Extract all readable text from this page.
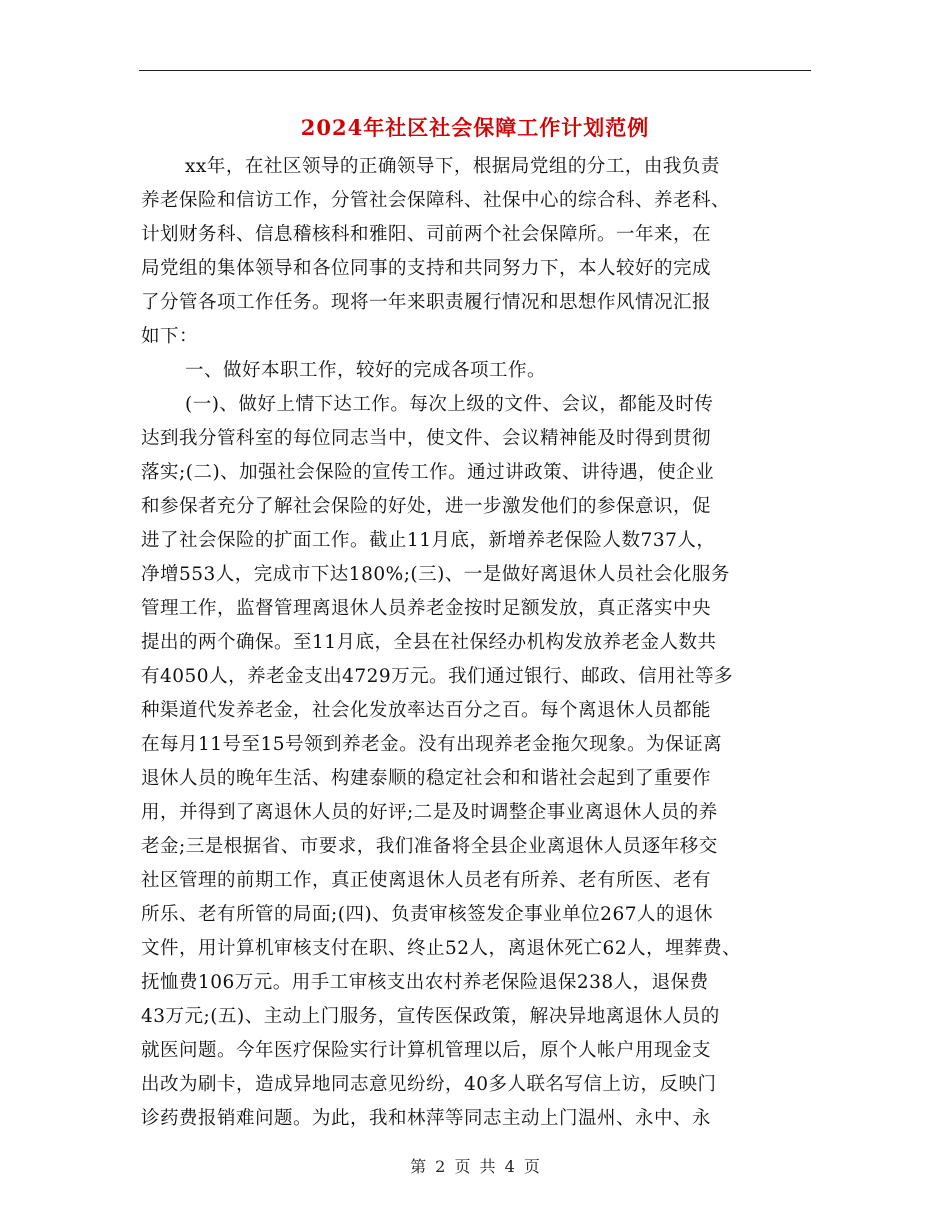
2024年社区社会保障工作计划范例
xx年，在社区领导的正确领导下，根据局党组的分工，由我负责
养老保险和信访工作，分管社会保障科、社保中心的综合科、养老科、
计划财务科、信息稽核科和雅阳、司前两个社会保障所。一年来，在
局党组的集体领导和各位同事的支持和共同努力下，本人较好的完成
了分管各项工作任务。现将一年来职责履行情况和思想作风情况汇报
如下：
一、做好本职工作，较好的完成各项工作。
(一)、做好上情下达工作。每次上级的文件、会议，都能及时传
达到我分管科室的每位同志当中，使文件、会议精神能及时得到贯彻
落实;(二)、加强社会保险的宣传工作。通过讲政策、讲待遇，使企业
和参保者充分了解社会保险的好处，进一步激发他们的参保意识，促
进了社会保险的扩面工作。截止11月底，新增养老保险人数737人，
净增553人，完成市下达180%;(三)、一是做好离退休人员社会化服务
管理工作，监督管理离退休人员养老金按时足额发放，真正落实中央
提出的两个确保。至11月底，全县在社保经办机构发放养老金人数共
有4050人，养老金支出4729万元。我们通过银行、邮政、信用社等多
种渠道代发养老金，社会化发放率达百分之百。每个离退休人员都能
在每月11号至15号领到养老金。没有出现养老金拖欠现象。为保证离
退休人员的晚年生活、构建泰顺的稳定社会和和谐社会起到了重要作
用，并得到了离退休人员的好评;二是及时调整企事业离退休人员的养
老金;三是根据省、市要求，我们准备将全县企业离退休人员逐年移交
社区管理的前期工作，真正使离退休人员老有所养、老有所医、老有
所乐、老有所管的局面;(四)、负责审核签发企事业单位267人的退休
文件，用计算机审核支付在职、终止52人，离退休死亡62人，埋葬费、
抚恤费106万元。用手工审核支出农村养老保险退保238人，退保费
43万元;(五)、主动上门服务，宣传医保政策，解决异地离退休人员的
就医问题。今年医疗保险实行计算机管理以后，原个人帐户用现金支
出改为刷卡，造成异地同志意见纷纷，40多人联名写信上访，反映门
诊药费报销难问题。为此，我和林萍等同志主动上门温州、永中、永
第 2 页 共 4 页
